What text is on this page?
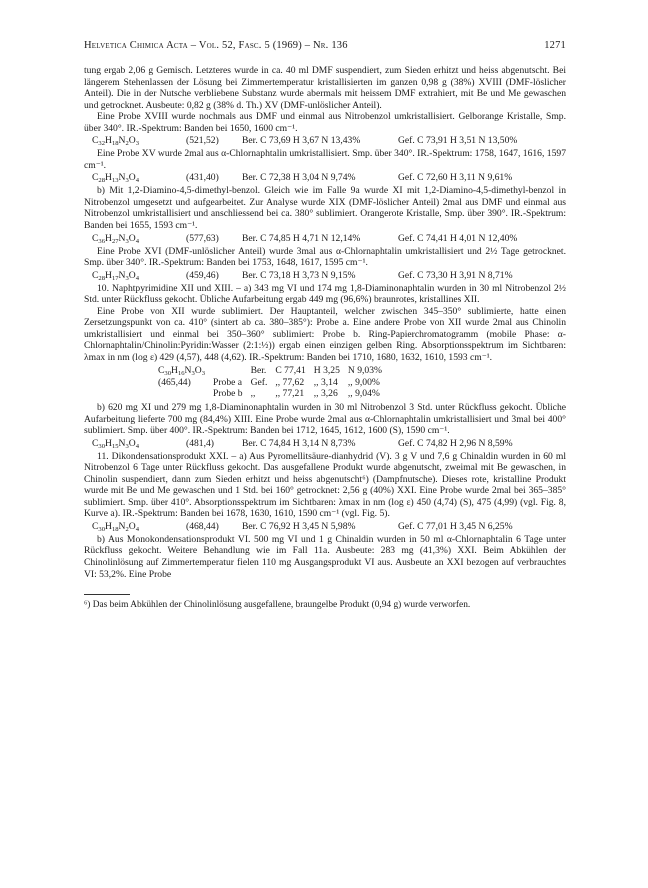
Helvetica Chimica Acta – Vol. 52, Fasc. 5 (1969) – Nr. 136	1271

tung ergab 2,06 g Gemisch. Letzteres wurde in ca. 40 ml DMF suspendiert, zum Sieden erhitzt und heiss abgenutscht. Bei längerem Stehenlassen der Lösung bei Zimmertemperatur kristallisierten im ganzen 0,98 g (38%) XVIII (DMF-löslicher Anteil). Die in der Nutsche verbliebene Substanz wurde abermals mit heissem DMF extrahiert, mit Be und Me gewaschen und getrocknet. Ausbeute: 0,82 g (38% d. Th.) XV (DMF-unlöslicher Anteil).

Eine Probe XVIII wurde nochmals aus DMF und einmal aus Nitrobenzol umkristallisiert. Gelborange Kristalle, Smp. über 340°. IR.-Spektrum: Banden bei 1650, 1600 cm⁻¹.

$C_{32}H_{18}N_2O_3$	(521,52)	Ber. C 73,69 H 3,67 N 13,43%	Gef. C 73,91 H 3,51 N 13,50%

Eine Probe XV wurde 2mal aus α-Chlornaphtalin umkristallisiert. Smp. über 340°. IR.-Spektrum: 1758, 1647, 1616, 1597 cm⁻¹.

$C_{28}H_{13}N_3O_4$	(431,40)	Ber. C 72,38 H 3,04 N 9,74%	Gef. C 72,60 H 3,11 N 9,61%

b) Mit 1,2-Diamino-4,5-dimethyl-benzol. Gleich wie im Falle 9a wurde XI mit 1,2-Diamino-4,5-dimethyl-benzol in Nitrobenzol umgesetzt und aufgearbeitet. Zur Analyse wurde XIX (DMF-löslicher Anteil) 2mal aus DMF und einmal aus Nitrobenzol umkristallisiert und anschliessend bei ca. 380° sublimiert. Orangerote Kristalle, Smp. über 390°. IR.-Spektrum: Banden bei 1655, 1593 cm⁻¹.

$C_{36}H_{27}N_3O_4$	(577,63)	Ber. C 74,85 H 4,71 N 12,14%	Gef. C 74,41 H 4,01 N 12,40%

Eine Probe XVI (DMF-unlöslicher Anteil) wurde 3mal aus α-Chlornaphtalin umkristallisiert und 2½ Tage getrocknet. Smp. über 340°. IR.-Spektrum: Banden bei 1753, 1648, 1617, 1595 cm⁻¹.

$C_{28}H_{17}N_3O_4$	(459,46)	Ber. C 73,18 H 3,73 N 9,15%	Gef. C 73,30 H 3,91 N 8,71%

10. Naphtpyrimidine XII und XIII. – a) 343 mg VI und 174 mg 1,8-Diaminonaphtalin wurden in 30 ml Nitrobenzol 2½ Std. unter Rückfluss gekocht. Übliche Aufarbeitung ergab 449 mg (96,6%) braunrotes, kristallines XII.

Eine Probe von XII wurde sublimiert. Der Hauptanteil, welcher zwischen 345–350° sublimierte, hatte einen Zersetzungspunkt von ca. 410° (sintert ab ca. 380–385°): Probe a. Eine andere Probe von XII wurde 2mal aus Chinolin umkristallisiert und einmal bei 350–360° sublimiert: Probe b. Ring-Papierchromatogramm (mobile Phase: α-Chlornaphtalin/Chinolin:Pyridin:Wasser (2:1:½)) ergab einen einzigen gelben Ring. Absorptionsspektrum im Sichtbaren: λmax in nm (log ε) 429 (4,57), 448 (4,62). IR.-Spektrum: Banden bei 1710, 1680, 1632, 1610, 1593 cm⁻¹.

$C_{30}H_{16}N_3O_3$		Ber.	C 77,41	H 3,25	N 9,03%
(465,44)	Probe a	Gef.	,, 77,62	,, 3,14	,, 9,00%
	Probe b	,,	,, 77,21	,, 3,26	,, 9,04%

b) 620 mg XI und 279 mg 1,8-Diaminonaphtalin wurden in 30 ml Nitrobenzol 3 Std. unter Rückfluss gekocht. Übliche Aufarbeitung lieferte 700 mg (84,4%) XIII. Eine Probe wurde 2mal aus α-Chlornaphtalin umkristallisiert und 3mal bei 400° sublimiert. Smp. über 400°. IR.-Spektrum: Banden bei 1712, 1645, 1612, 1600 (S), 1590 cm⁻¹.

$C_{30}H_{15}N_3O_4$	(481,4)	Ber. C 74,84 H 3,14 N 8,73%	Gef. C 74,82 H 2,96 N 8,59%

11. Dikondensationsprodukt XXI. – a) Aus Pyromellitsäure-dianhydrid (V). 3 g V und 7,6 g Chinaldin wurden in 60 ml Nitrobenzol 6 Tage unter Rückfluss gekocht. Das ausgefallene Produkt wurde abgenutscht, zweimal mit Be gewaschen, in Chinolin suspendiert, dann zum Sieden erhitzt und heiss abgenutscht⁶) (Dampfnutsche). Dieses rote, kristalline Produkt wurde mit Be und Me gewaschen und 1 Std. bei 160° getrocknet: 2,56 g (40%) XXI. Eine Probe wurde 2mal bei 365–385° sublimiert. Smp. über 410°. Absorptionsspektrum im Sichtbaren: λmax in nm (log ε) 450 (4,74) (S), 475 (4,99) (vgl. Fig. 8, Kurve a). IR.-Spektrum: Banden bei 1678, 1630, 1610, 1590 cm⁻¹ (vgl. Fig. 5).

$C_{30}H_{18}N_2O_4$	(468,44)	Ber. C 76,92 H 3,45 N 5,98%	Gef. C 77,01 H 3,45 N 6,25%

b) Aus Monokondensationsprodukt VI. 500 mg VI und 1 g Chinaldin wurden in 50 ml α-Chlornaphtalin 6 Tage unter Rückfluss gekocht. Weitere Behandlung wie im Fall 11a. Ausbeute: 283 mg (41,3%) XXI. Beim Abkühlen der Chinolinlösung auf Zimmertemperatur fielen 110 mg Ausgangsprodukt VI aus. Ausbeute an XXI bezogen auf verbrauchtes VI: 53,2%. Eine Probe

⁶) Das beim Abkühlen der Chinolinlösung ausgefallene, braungelbe Produkt (0,94 g) wurde verworfen.
